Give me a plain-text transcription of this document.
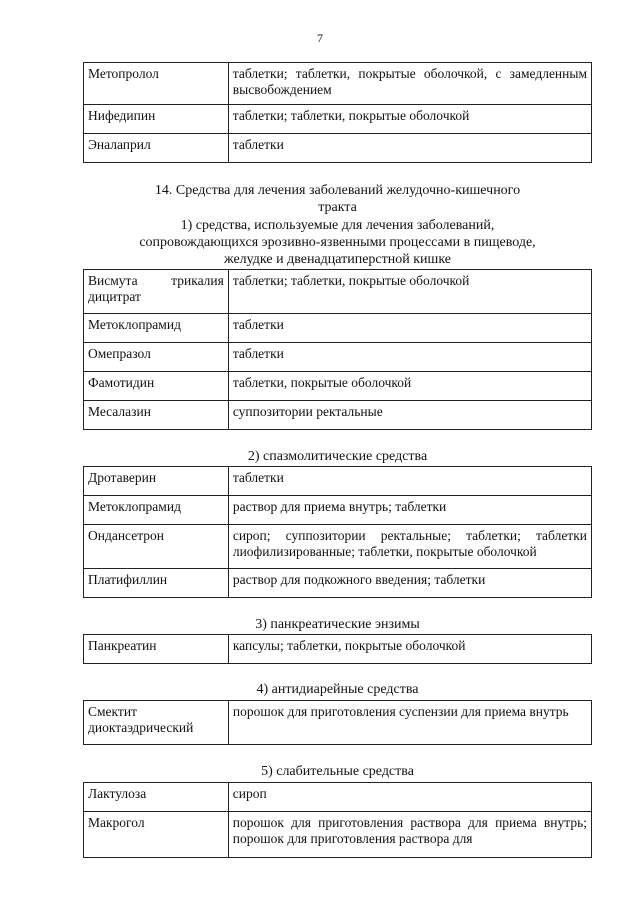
7
Метопролол	таблетки; таблетки, покрытые оболочкой, с замедленным высвобождением
Нифедипин	таблетки; таблетки, покрытые оболочкой
Эналаприл	таблетки
14. Средства для лечения заболеваний желудочно-кишечного
тракта
1) средства, используемые для лечения заболеваний,
сопровождающихся эрозивно-язвенными процессами в пищеводе,
желудке и двенадцатиперстной кишке
Висмута трикалия дицитрат	таблетки; таблетки, покрытые оболочкой
Метоклопрамид	таблетки
Омепразол	таблетки
Фамотидин	таблетки, покрытые оболочкой
Месалазин	суппозитории ректальные
2) спазмолитические средства
Дротаверин	таблетки
Метоклопрамид	раствор для приема внутрь; таблетки
Ондансетрон	сироп; суппозитории ректальные; таблетки; таблетки лиофилизированные; таблетки, покрытые оболочкой
Платифиллин	раствор для подкожного введения; таблетки
3) панкреатические энзимы
Панкреатин	капсулы; таблетки, покрытые оболочкой
4) антидиарейные средства
Смектит диоктаэдрический	порошок для приготовления суспензии для приема внутрь
5) слабительные средства
Лактулоза	сироп
Макрогол	порошок для приготовления раствора для приема внутрь; порошок для приготовления раствора для
